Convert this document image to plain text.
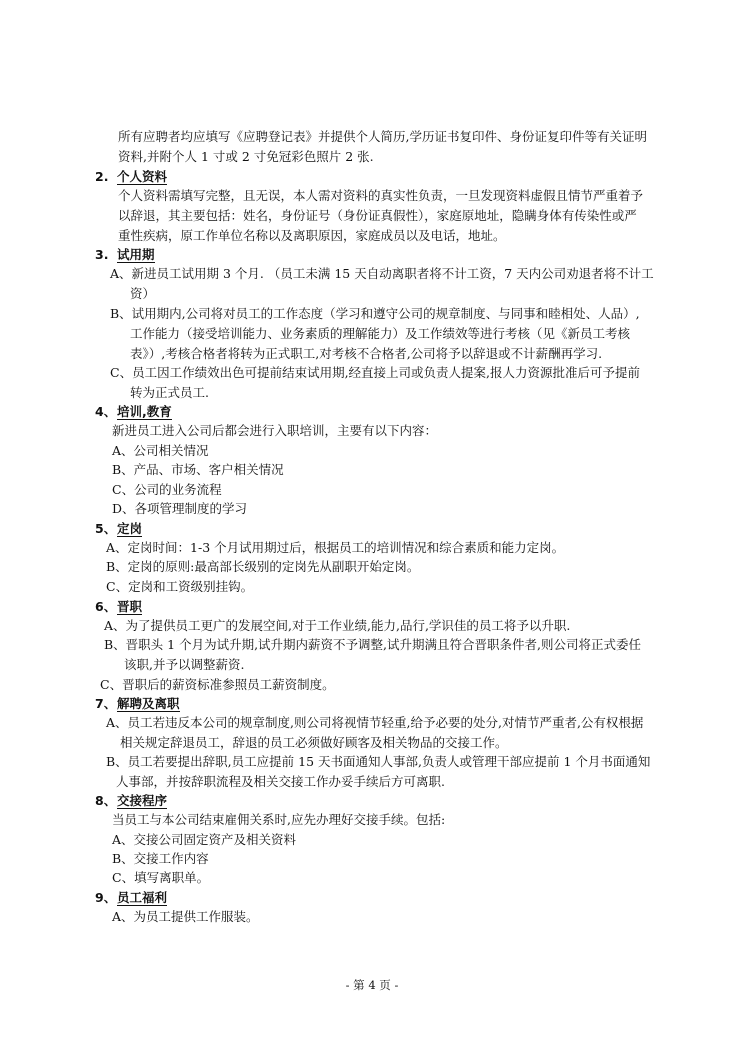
所有应聘者均应填写《应聘登记表》并提供个人简历,学历证书复印件、身份证复印件等有关证明
资料,并附个人 1 寸或 2 寸免冠彩色照片 2 张.
2. 个人资料
个人资料需填写完整，且无误，本人需对资料的真实性负责，一旦发现资料虚假且情节严重着予
以辞退，其主要包括：姓名，身份证号（身份证真假性），家庭原地址，隐瞒身体有传染性或严
重性疾病，原工作单位名称以及离职原因，家庭成员以及电话，地址。
3. 试用期
A、新进员工试用期 3 个月. （员工未满 15 天自动离职者将不计工资，7 天内公司劝退者将不计工
资）
B、试用期内,公司将对员工的工作态度（学习和遵守公司的规章制度、与同事和睦相处、人品）,
工作能力（接受培训能力、业务素质的理解能力）及工作绩效等进行考核（见《新员工考核
表》）,考核合格者将转为正式职工,对考核不合格者,公司将予以辞退或不计薪酬再学习.
C、员工因工作绩效出色可提前结束试用期,经直接上司或负责人提案,报人力资源批准后可予提前
转为正式员工.
4、培训,教育
新进员工进入公司后都会进行入职培训，主要有以下内容：
A、公司相关情况
B、产品、市场、客户相关情况
C、公司的业务流程
D、各项管理制度的学习
5、定岗
A、定岗时间：1-3 个月试用期过后，根据员工的培训情况和综合素质和能力定岗。
B、定岗的原则:最高部长级别的定岗先从副职开始定岗。
C、定岗和工资级别挂钩。
6、晋职
A、为了提供员工更广的发展空间,对于工作业绩,能力,品行,学识佳的员工将予以升职.
B、晋职头 1 个月为试升期,试升期内薪资不予调整,试升期满且符合晋职条件者,则公司将正式委任
该职,并予以调整薪资.
C、晋职后的薪资标准参照员工薪资制度。
7、解聘及离职
A、员工若违反本公司的规章制度,则公司将视情节轻重,给予必要的处分,对情节严重者,公有权根据
相关规定辞退员工，辞退的员工必须做好顾客及相关物品的交接工作。
B、员工若要提出辞职,员工应提前 15 天书面通知人事部,负责人或管理干部应提前 1 个月书面通知
人事部，并按辞职流程及相关交接工作办妥手续后方可离职.
8、交接程序
当员工与本公司结束雇佣关系时,应先办理好交接手续。包括:
A、交接公司固定资产及相关资料
B、交接工作内容
C、填写离职单。
9、员工福利
A、为员工提供工作服装。
- 第 4 页 -
